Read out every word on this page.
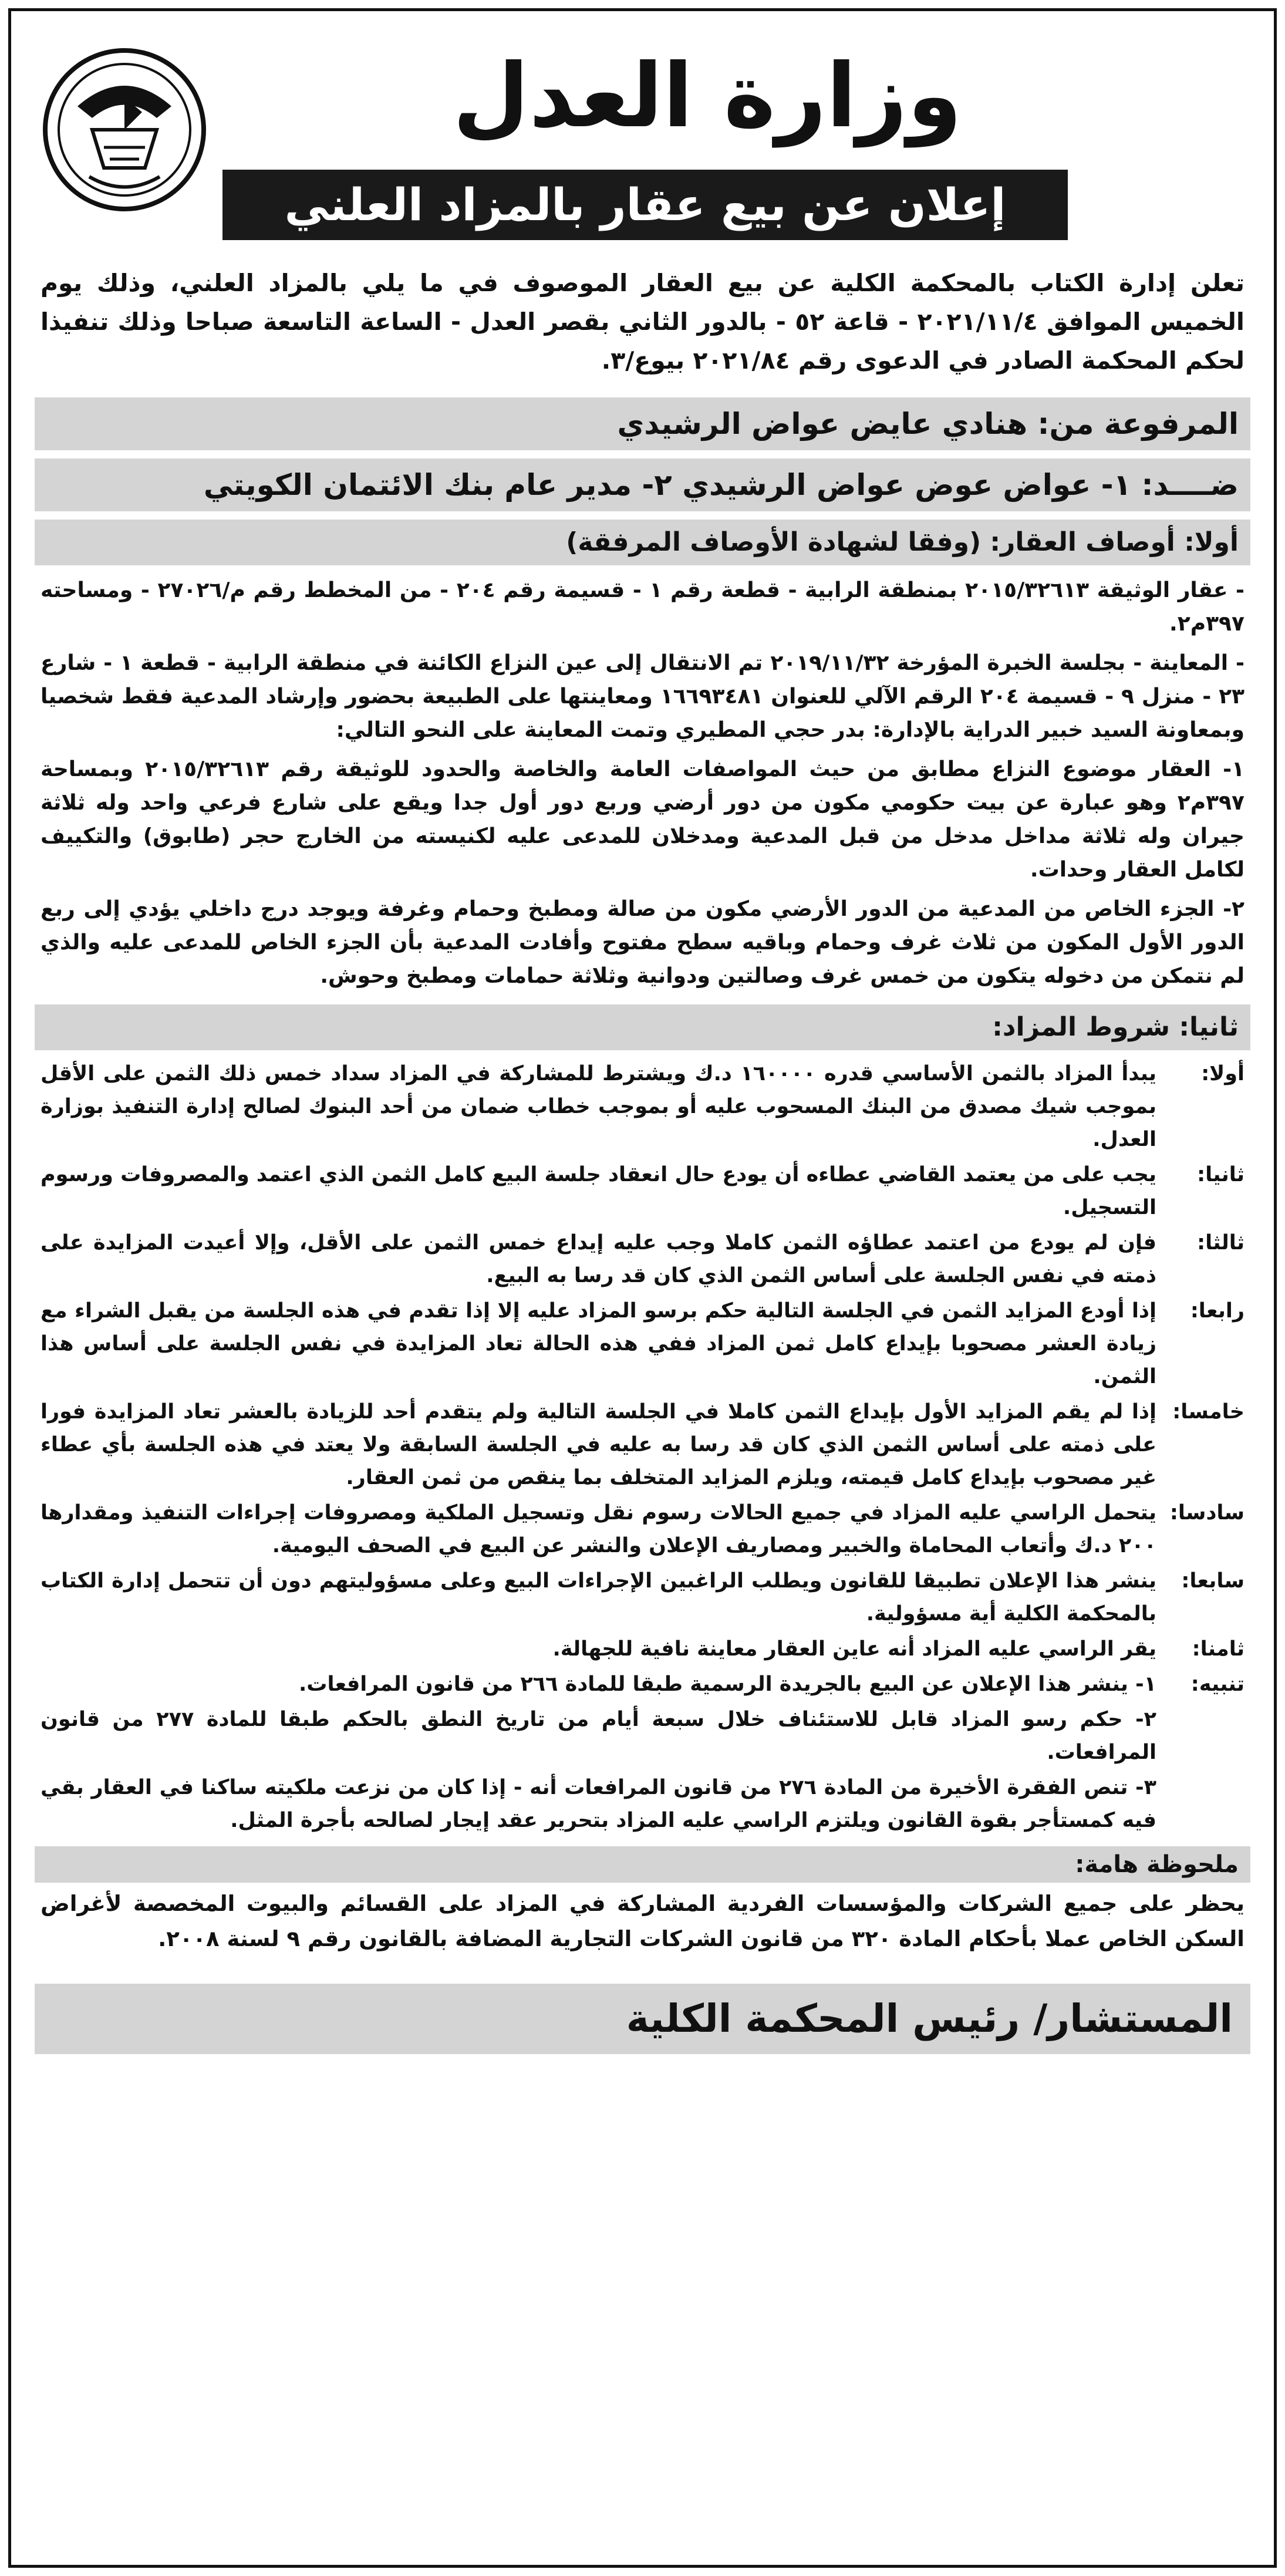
وزارة العدل
إعلان عن بيع عقار بالمزاد العلني

تعلن إدارة الكتاب بالمحكمة الكلية عن بيع العقار الموصوف في ما يلي بالمزاد العلني، وذلك يوم الخميس الموافق ٢٠٢١/١١/٤ - قاعة ٥٢ - بالدور الثاني بقصر العدل - الساعة التاسعة صباحا وذلك تنفيذا لحكم المحكمة الصادر في الدعوى رقم ٢٠٢١/٨٤ بيوع/٣.

المرفوعة من: هنادي عايض عواض الرشيدي
ضــــد: ١- عواض عوض عواض الرشيدي ٢- مدير عام بنك الائتمان الكويتي
أولا: أوصاف العقار: (وفقا لشهادة الأوصاف المرفقة)

- عقار الوثيقة ٢٠١٥/٣٢٦١٣ بمنطقة الرابية - قطعة رقم ١ - قسيمة رقم ٢٠٤ - من المخطط رقم م/٢٧٠٢٦ - ومساحته ٣٩٧م٢.

- المعاينة - بجلسة الخبرة المؤرخة ٢٠١٩/١١/٣٢ تم الانتقال إلى عين النزاع الكائنة في منطقة الرابية - قطعة ١ - شارع ٢٣ - منزل ٩ - قسيمة ٢٠٤ الرقم الآلي للعنوان ١٦٦٩٣٤٨١ ومعاينتها على الطبيعة بحضور وإرشاد المدعية فقط شخصيا وبمعاونة السيد خبير الدراية بالإدارة: بدر حجي المطيري وتمت المعاينة على النحو التالي:

١- العقار موضوع النزاع مطابق من حيث المواصفات العامة والخاصة والحدود للوثيقة رقم ٢٠١٥/٣٢٦١٣ وبمساحة ٣٩٧م٢ وهو عبارة عن بيت حكومي مكون من دور أرضي وربع دور أول جدا ويقع على شارع فرعي واحد وله ثلاثة جيران وله ثلاثة مداخل مدخل من قبل المدعية ومدخلان للمدعى عليه لكنيسته من الخارج حجر (طابوق) والتكييف لكامل العقار وحدات.

٢- الجزء الخاص من المدعية من الدور الأرضي مكون من صالة ومطبخ وحمام وغرفة ويوجد درج داخلي يؤدي إلى ربع الدور الأول المكون من ثلاث غرف وحمام وباقيه سطح مفتوح وأفادت المدعية بأن الجزء الخاص للمدعى عليه والذي لم نتمكن من دخوله يتكون من خمس غرف وصالتين ودوانية وثلاثة حمامات ومطبخ وحوش.

ثانيا: شروط المزاد:
أولا:
يبدأ المزاد بالثمن الأساسي قدره ١٦٠٠٠٠ د.ك ويشترط للمشاركة في المزاد سداد خمس ذلك الثمن على الأقل بموجب شيك مصدق من البنك المسحوب عليه أو بموجب خطاب ضمان من أحد البنوك لصالح إدارة التنفيذ بوزارة العدل.
ثانيا:
يجب على من يعتمد القاضي عطاءه أن يودع حال انعقاد جلسة البيع كامل الثمن الذي اعتمد والمصروفات ورسوم التسجيل.
ثالثا:
فإن لم يودع من اعتمد عطاؤه الثمن كاملا وجب عليه إيداع خمس الثمن على الأقل، وإلا أعيدت المزايدة على ذمته في نفس الجلسة على أساس الثمن الذي كان قد رسا به البيع.
رابعا:
إذا أودع المزايد الثمن في الجلسة التالية حكم برسو المزاد عليه إلا إذا تقدم في هذه الجلسة من يقبل الشراء مع زيادة العشر مصحوبا بإيداع كامل ثمن المزاد ففي هذه الحالة تعاد المزايدة في نفس الجلسة على أساس هذا الثمن.
خامسا:
إذا لم يقم المزايد الأول بإيداع الثمن كاملا في الجلسة التالية ولم يتقدم أحد للزيادة بالعشر تعاد المزايدة فورا على ذمته على أساس الثمن الذي كان قد رسا به عليه في الجلسة السابقة ولا يعتد في هذه الجلسة بأي عطاء غير مصحوب بإيداع كامل قيمته، ويلزم المزايد المتخلف بما ينقص من ثمن العقار.
سادسا:
يتحمل الراسي عليه المزاد في جميع الحالات رسوم نقل وتسجيل الملكية ومصروفات إجراءات التنفيذ ومقدارها ٢٠٠ د.ك وأتعاب المحاماة والخبير ومصاريف الإعلان والنشر عن البيع في الصحف اليومية.
سابعا:
ينشر هذا الإعلان تطبيقا للقانون ويطلب الراغبين الإجراءات البيع وعلى مسؤوليتهم دون أن تتحمل إدارة الكتاب بالمحكمة الكلية أية مسؤولية.
ثامنا:
يقر الراسي عليه المزاد أنه عاين العقار معاينة نافية للجهالة.
تنبيه:
١- ينشر هذا الإعلان عن البيع بالجريدة الرسمية طبقا للمادة ٢٦٦ من قانون المرافعات.
٢- حكم رسو المزاد قابل للاستئناف خلال سبعة أيام من تاريخ النطق بالحكم طبقا للمادة ٢٧٧ من قانون المرافعات.
٣- تنص الفقرة الأخيرة من المادة ٢٧٦ من قانون المرافعات أنه - إذا كان من نزعت ملكيته ساكنا في العقار بقي فيه كمستأجر بقوة القانون ويلتزم الراسي عليه المزاد بتحرير عقد إيجار لصالحه بأجرة المثل.
ملحوظة هامة:

يحظر على جميع الشركات والمؤسسات الفردية المشاركة في المزاد على القسائم والبيوت المخصصة لأغراض السكن الخاص عملا بأحكام المادة ٣٢٠ من قانون الشركات التجارية المضافة بالقانون رقم ٩ لسنة ٢٠٠٨.

المستشار/ رئيس المحكمة الكلية
